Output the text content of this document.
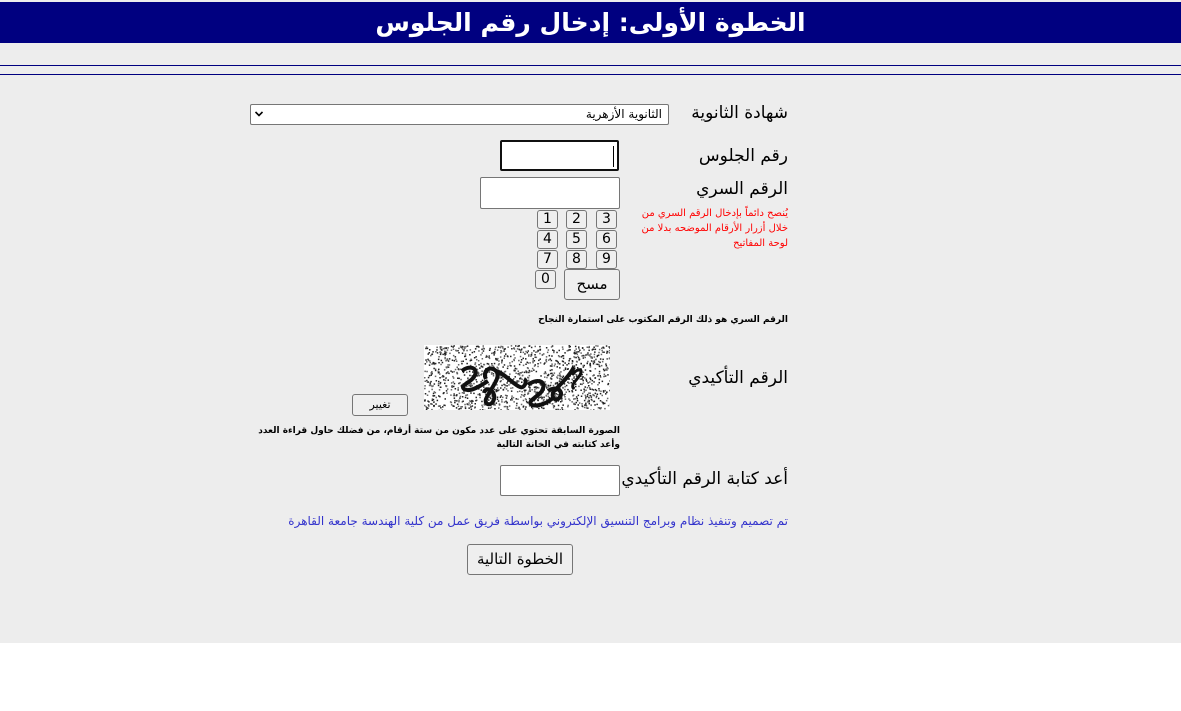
الخطوة الأولى: إدخال رقم الجلوس
شهادة الثانوية
الثانوية الأزهرية
رقم الجلوس
الرقم السري
يُنصح دائماً بإدخال الرقم السري من خلال أزرار الأرقام الموضحه بدلا من لوحة المفاتيح
1	2	3
4	5	6
7	8	9
0	مسح
الرقم السري هو ذلك الرقم المكتوب على استمارة النجاح
الرقم التأكيدي
تغيير
الصورة السابقة تحتوي على عدد مكون من ستة أرقام، من فضلك حاول قراءة العدد وأعد كتابته في الخانة التالية
أعد كتابة الرقم التأكيدي
تم تصميم وتنفيذ نظام وبرامج التنسيق الإلكتروني بواسطة فريق عمل من كلية الهندسة جامعة القاهرة
الخطوة التالية
